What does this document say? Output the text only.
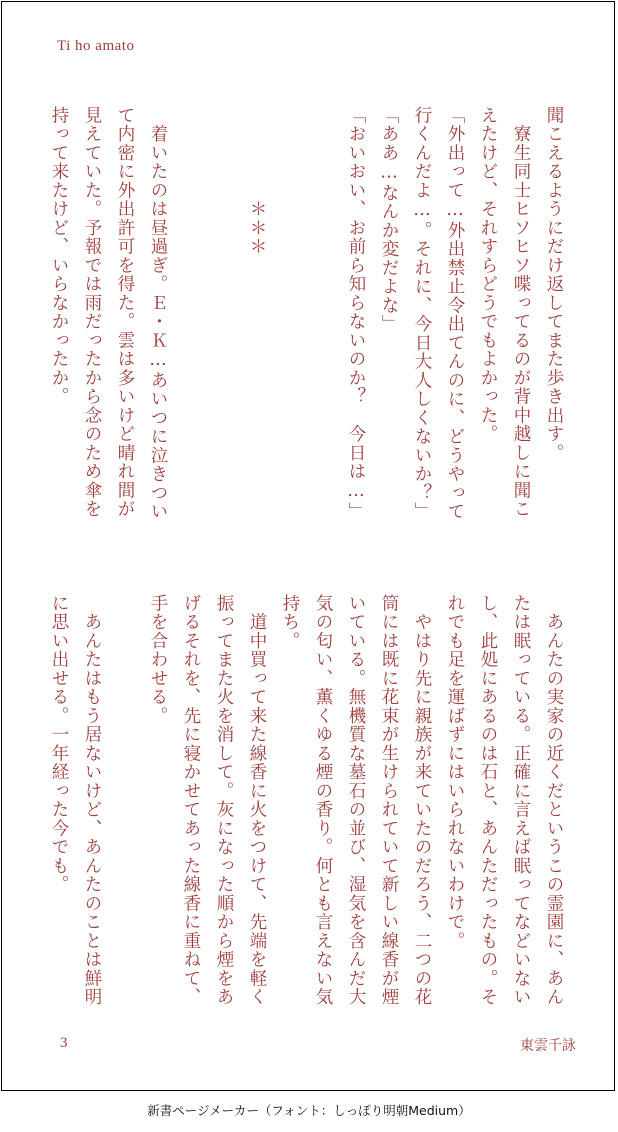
Ti ho amato
聞こえるようにだけ返してまた歩き出す。
　寮生同士ヒソヒソ喋ってるのが背中越しに聞こ
えたけど、それすらどうでもよかった。
「外出って…外出禁止令出てんのに、どうやって
行くんだよ…。それに、今日大人しくないか？」
「ああ…なんか変だよな」
「おいおい、お前ら知らないのか？　今日は…」

　　　　　＊＊＊

　着いたのは昼過ぎ。Ｅ・Ｋ…あいつに泣きつい
て内密に外出許可を得た。雲は多いけど晴れ間が
見えていた。予報では雨だったから念のため傘を
持って来たけど、いらなかったか。
　あんたの実家の近くだというこの霊園に、あん
たは眠っている。正確に言えば眠ってなどいない
し、此処にあるのは石と、あんただったもの。そ
れでも足を運ばずにはいられないわけで。
　やはり先に親族が来ていたのだろう、二つの花
筒には既に花束が生けられていて新しい線香が煙
いている。無機質な墓石の並び、湿気を含んだ大
気の匂い、薫くゆる煙の香り。何とも言えない気
持ち。
　道中買って来た線香に火をつけて、先端を軽く
振ってまた火を消して。灰になった順から煙をあ
げるそれを、先に寝かせてあった線香に重ねて、
手を合わせる。

　あんたはもう居ないけど、あんたのことは鮮明
に思い出せる。一年経った今でも。
3	東雲千詠
新書ページメーカー（フォント：しっぽり明朝Medium）
